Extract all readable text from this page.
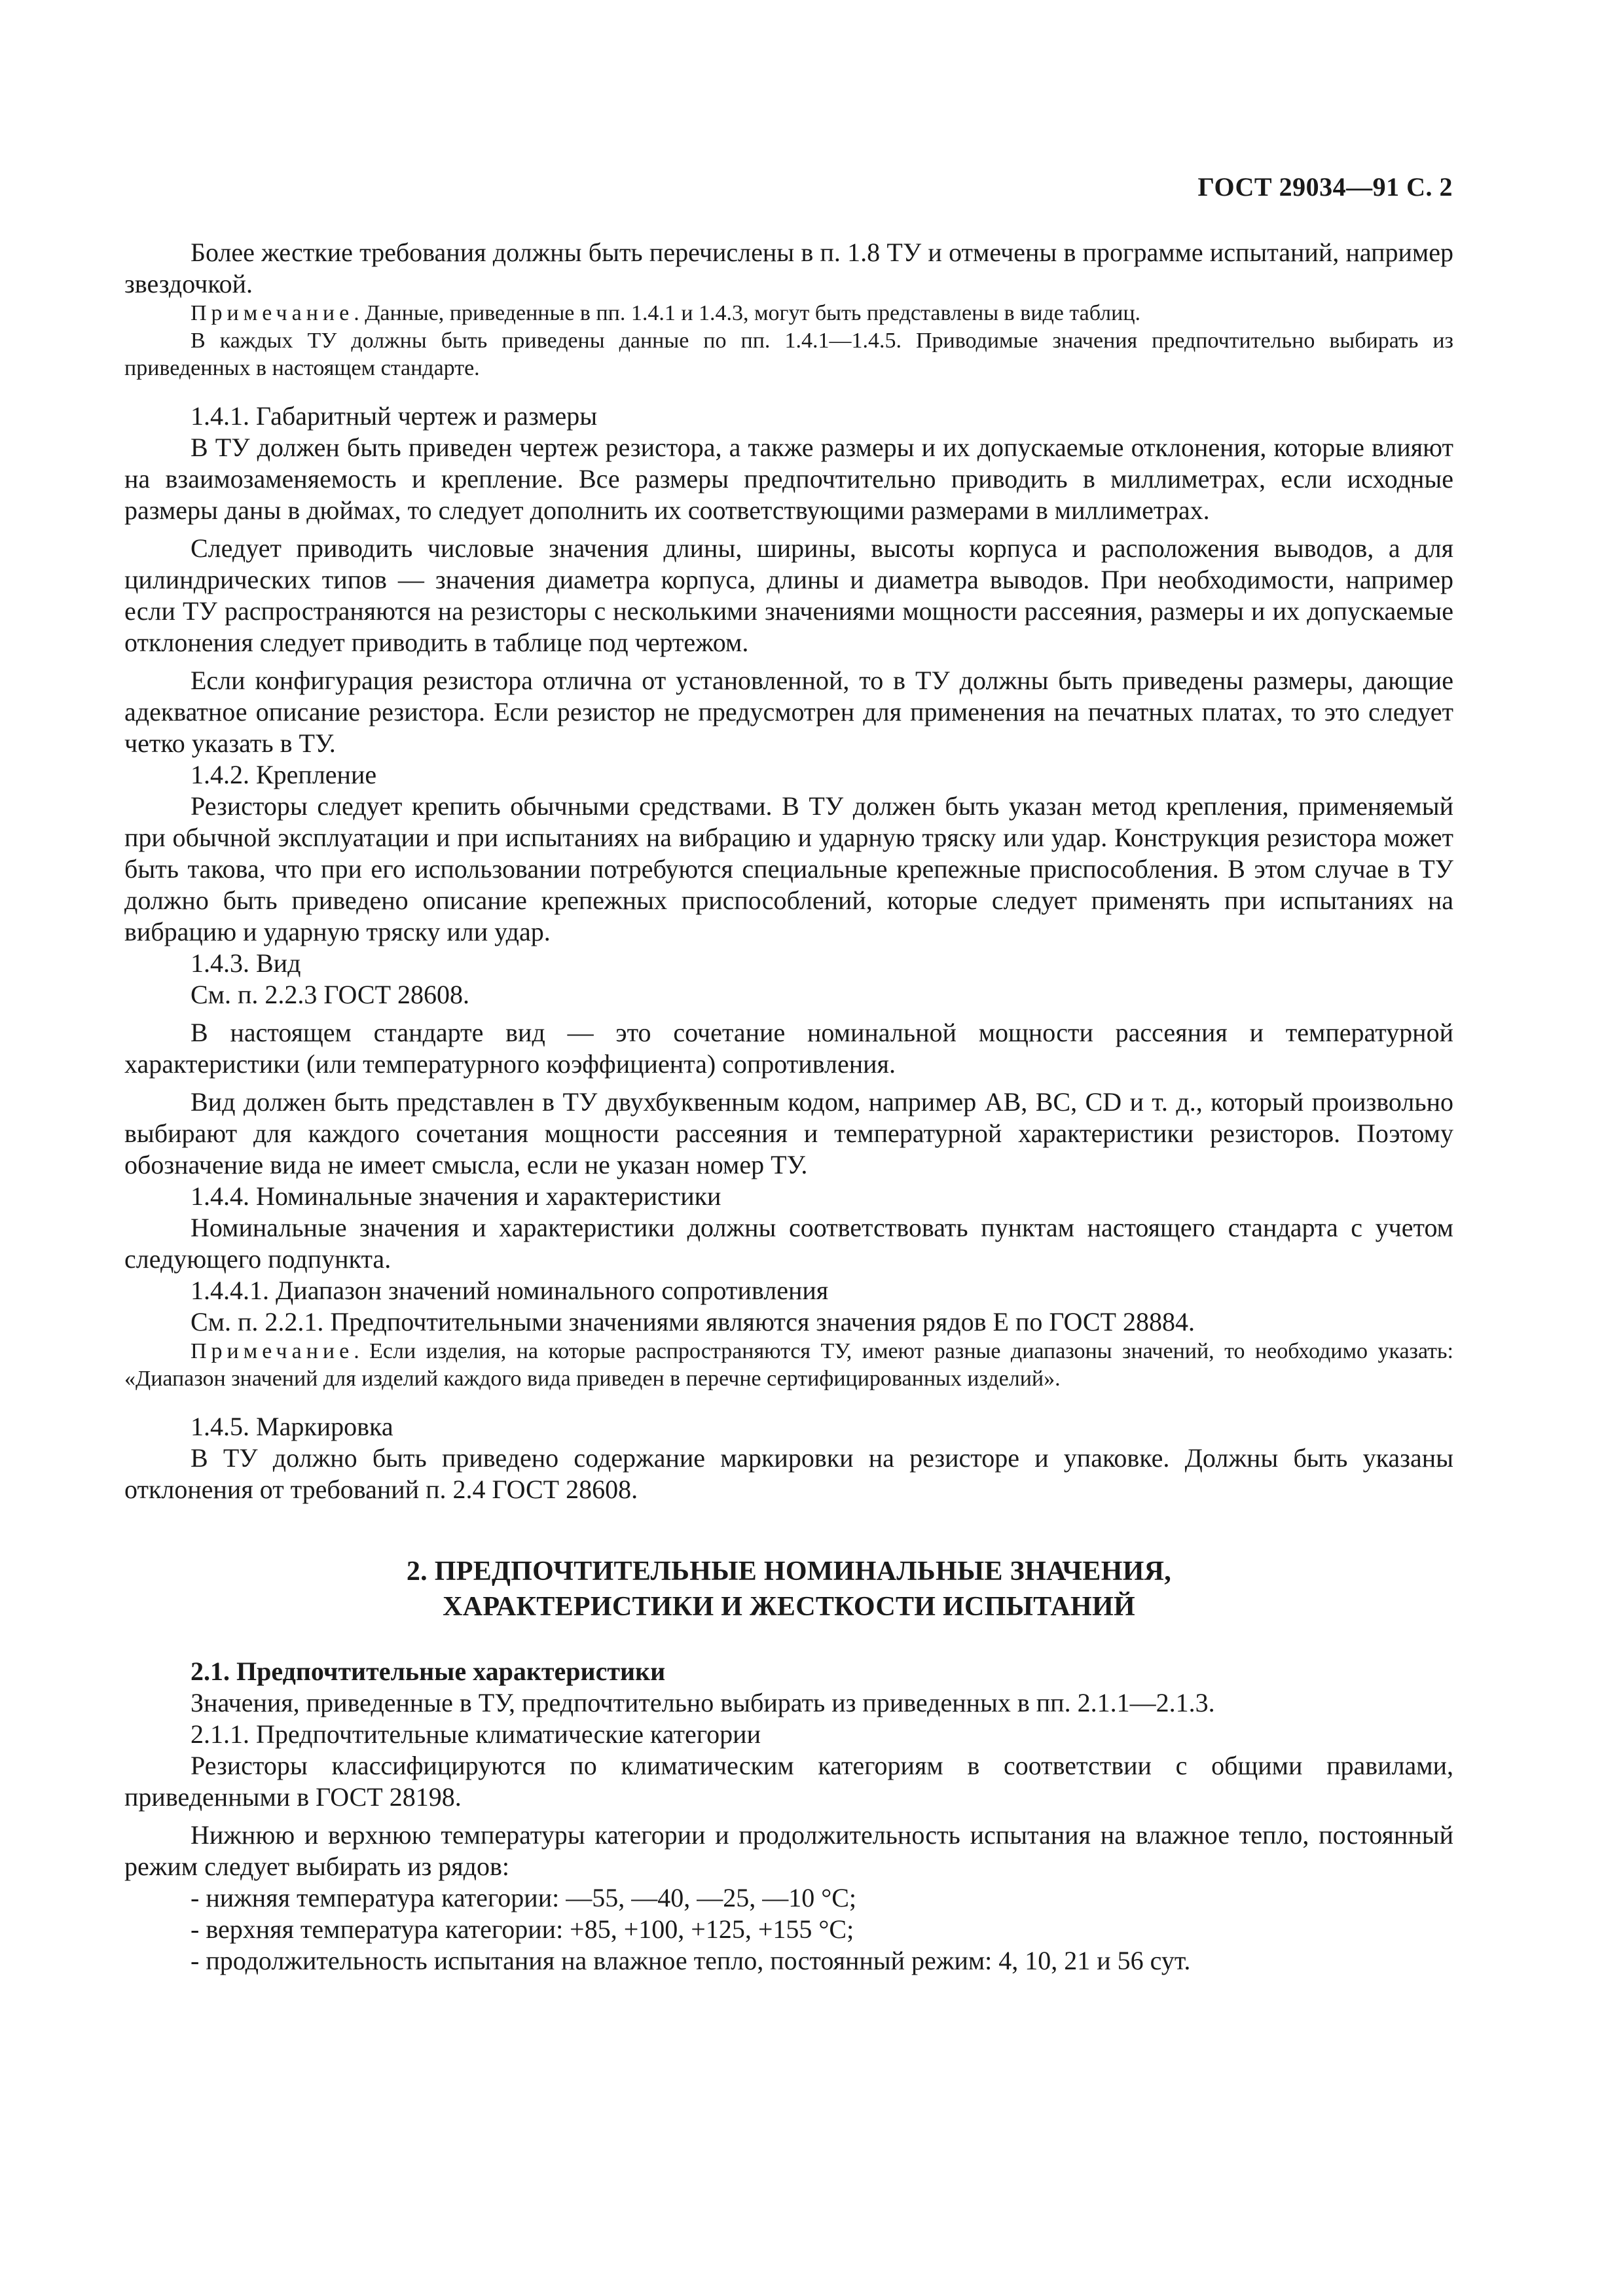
ГОСТ 29034—91 С. 2

Более жесткие требования должны быть перечислены в п. 1.8 ТУ и отмечены в программе испытаний, например звездочкой.

Примечание. Данные, приведенные в пп. 1.4.1 и 1.4.3, могут быть представлены в виде таблиц.

В каждых ТУ должны быть приведены данные по пп. 1.4.1—1.4.5. Приводимые значения предпочтительно выбирать из приведенных в настоящем стандарте.

1.4.1. Габаритный чертеж и размеры

В ТУ должен быть приведен чертеж резистора, а также размеры и их допускаемые отклонения, которые влияют на взаимозаменяемость и крепление. Все размеры предпочтительно приводить в миллиметрах, если исходные размеры даны в дюймах, то следует дополнить их соответствующими размерами в миллиметрах.

Следует приводить числовые значения длины, ширины, высоты корпуса и расположения выводов, а для цилиндрических типов — значения диаметра корпуса, длины и диаметра выводов. При необходимости, например если ТУ распространяются на резисторы с несколькими значениями мощности рассеяния, размеры и их допускаемые отклонения следует приводить в таблице под чертежом.

Если конфигурация резистора отлична от установленной, то в ТУ должны быть приведены размеры, дающие адекватное описание резистора. Если резистор не предусмотрен для применения на печатных платах, то это следует четко указать в ТУ.

1.4.2. Крепление

Резисторы следует крепить обычными средствами. В ТУ должен быть указан метод крепления, применяемый при обычной эксплуатации и при испытаниях на вибрацию и ударную тряску или удар. Конструкция резистора может быть такова, что при его использовании потребуются специальные крепежные приспособления. В этом случае в ТУ должно быть приведено описание крепежных приспособлений, которые следует применять при испытаниях на вибрацию и ударную тряску или удар.

1.4.3. Вид

См. п. 2.2.3 ГОСТ 28608.

В настоящем стандарте вид — это сочетание номинальной мощности рассеяния и температурной характеристики (или температурного коэффициента) сопротивления.

Вид должен быть представлен в ТУ двухбуквенным кодом, например АВ, ВС, CD и т. д., который произвольно выбирают для каждого сочетания мощности рассеяния и температурной характеристики резисторов. Поэтому обозначение вида не имеет смысла, если не указан номер ТУ.

1.4.4. Номинальные значения и характеристики

Номинальные значения и характеристики должны соответствовать пунктам настоящего стандарта с учетом следующего подпункта.

1.4.4.1. Диапазон значений номинального сопротивления

См. п. 2.2.1. Предпочтительными значениями являются значения рядов Е по ГОСТ 28884.

Примечание. Если изделия, на которые распространяются ТУ, имеют разные диапазоны значений, то необходимо указать: «Диапазон значений для изделий каждого вида приведен в перечне сертифицированных изделий».

1.4.5. Маркировка

В ТУ должно быть приведено содержание маркировки на резисторе и упаковке. Должны быть указаны отклонения от требований п. 2.4 ГОСТ 28608.

2. ПРЕДПОЧТИТЕЛЬНЫЕ НОМИНАЛЬНЫЕ ЗНАЧЕНИЯ,
ХАРАКТЕРИСТИКИ И ЖЕСТКОСТИ ИСПЫТАНИЙ

2.1. Предпочтительные характеристики

Значения, приведенные в ТУ, предпочтительно выбирать из приведенных в пп. 2.1.1—2.1.3.

2.1.1. Предпочтительные климатические категории

Резисторы классифицируются по климатическим категориям в соответствии с общими правилами, приведенными в ГОСТ 28198.

Нижнюю и верхнюю температуры категории и продолжительность испытания на влажное тепло, постоянный режим следует выбирать из рядов:

- нижняя температура категории: —55, —40, —25, —10 °С;

- верхняя температура категории: +85, +100, +125, +155 °С;

- продолжительность испытания на влажное тепло, постоянный режим: 4, 10, 21 и 56 сут.
